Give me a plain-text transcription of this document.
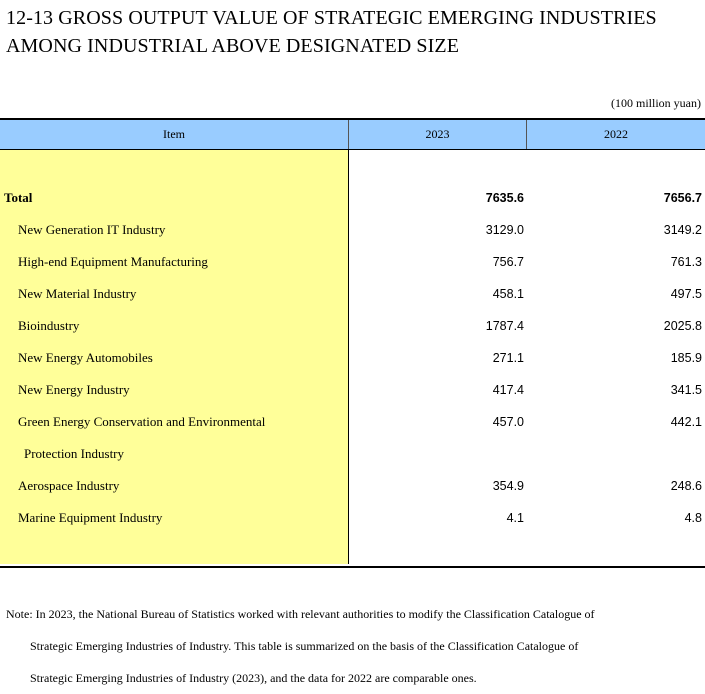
12-13 GROSS OUTPUT VALUE OF STRATEGIC EMERGING INDUSTRIES
AMONG INDUSTRIAL ABOVE DESIGNATED SIZE
(100 million yuan)
Item	2023	2022
Total	7635.6	7656.7
New Generation IT Industry	3129.0	3149.2
High-end Equipment Manufacturing	756.7	761.3
New Material Industry	458.1	497.5
Bioindustry	1787.4	2025.8
New Energy Automobiles	271.1	185.9
New Energy Industry	417.4	341.5
Green Energy Conservation and Environmental	457.0	442.1
Protection Industry
Aerospace Industry	354.9	248.6
Marine Equipment Industry	4.1	4.8
Note: In 2023, the National Bureau of Statistics worked with relevant authorities to modify the Classification Catalogue of
Strategic Emerging Industries of Industry. This table is summarized on the basis of the Classification Catalogue of
Strategic Emerging Industries of Industry (2023), and the data for 2022 are comparable ones.
